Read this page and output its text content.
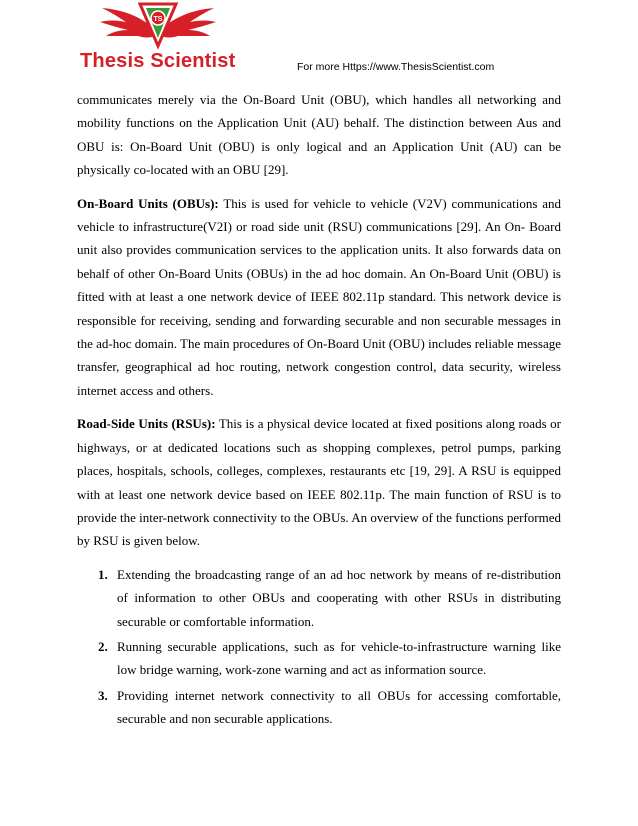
TS
Thesis Scientist	For more Https://www.ThesisScientist.com

communicates merely via the On-Board Unit (OBU), which handles all networking and mobility functions on the Application Unit (AU) behalf. The distinction between Aus and OBU is: On-Board Unit (OBU) is only logical and an Application Unit (AU) can be physically co-located with an OBU [29].

On-Board Units (OBUs): This is used for vehicle to vehicle (V2V) communications and vehicle to infrastructure(V2I) or road side unit (RSU) communications [29]. An On- Board unit also provides communication services to the application units. It also forwards data on behalf of other On-Board Units (OBUs) in the ad hoc domain. An On-Board Unit (OBU) is fitted with at least a one network device of IEEE 802.11p standard. This network device is responsible for receiving, sending and forwarding securable and non securable messages in the ad-hoc domain. The main procedures of On-Board Unit (OBU) includes reliable message transfer, geographical ad hoc routing, network congestion control, data security, wireless internet access and others.

Road-Side Units (RSUs): This is a physical device located at fixed positions along roads or highways, or at dedicated locations such as shopping complexes, petrol pumps, parking places, hospitals, schools, colleges, complexes, restaurants etc [19, 29]. A RSU is equipped with at least one network device based on IEEE 802.11p. The main function of RSU is to provide the inter-network connectivity to the OBUs. An overview of the functions performed by RSU is given below.

1. Extending the broadcasting range of an ad hoc network by means of re-distribution of information to other OBUs and cooperating with other RSUs in distributing securable or comfortable information.
2. Running securable applications, such as for vehicle-to-infrastructure warning like low bridge warning, work-zone warning and act as information source.
3. Providing internet network connectivity to all OBUs for accessing comfortable, securable and non securable applications.
